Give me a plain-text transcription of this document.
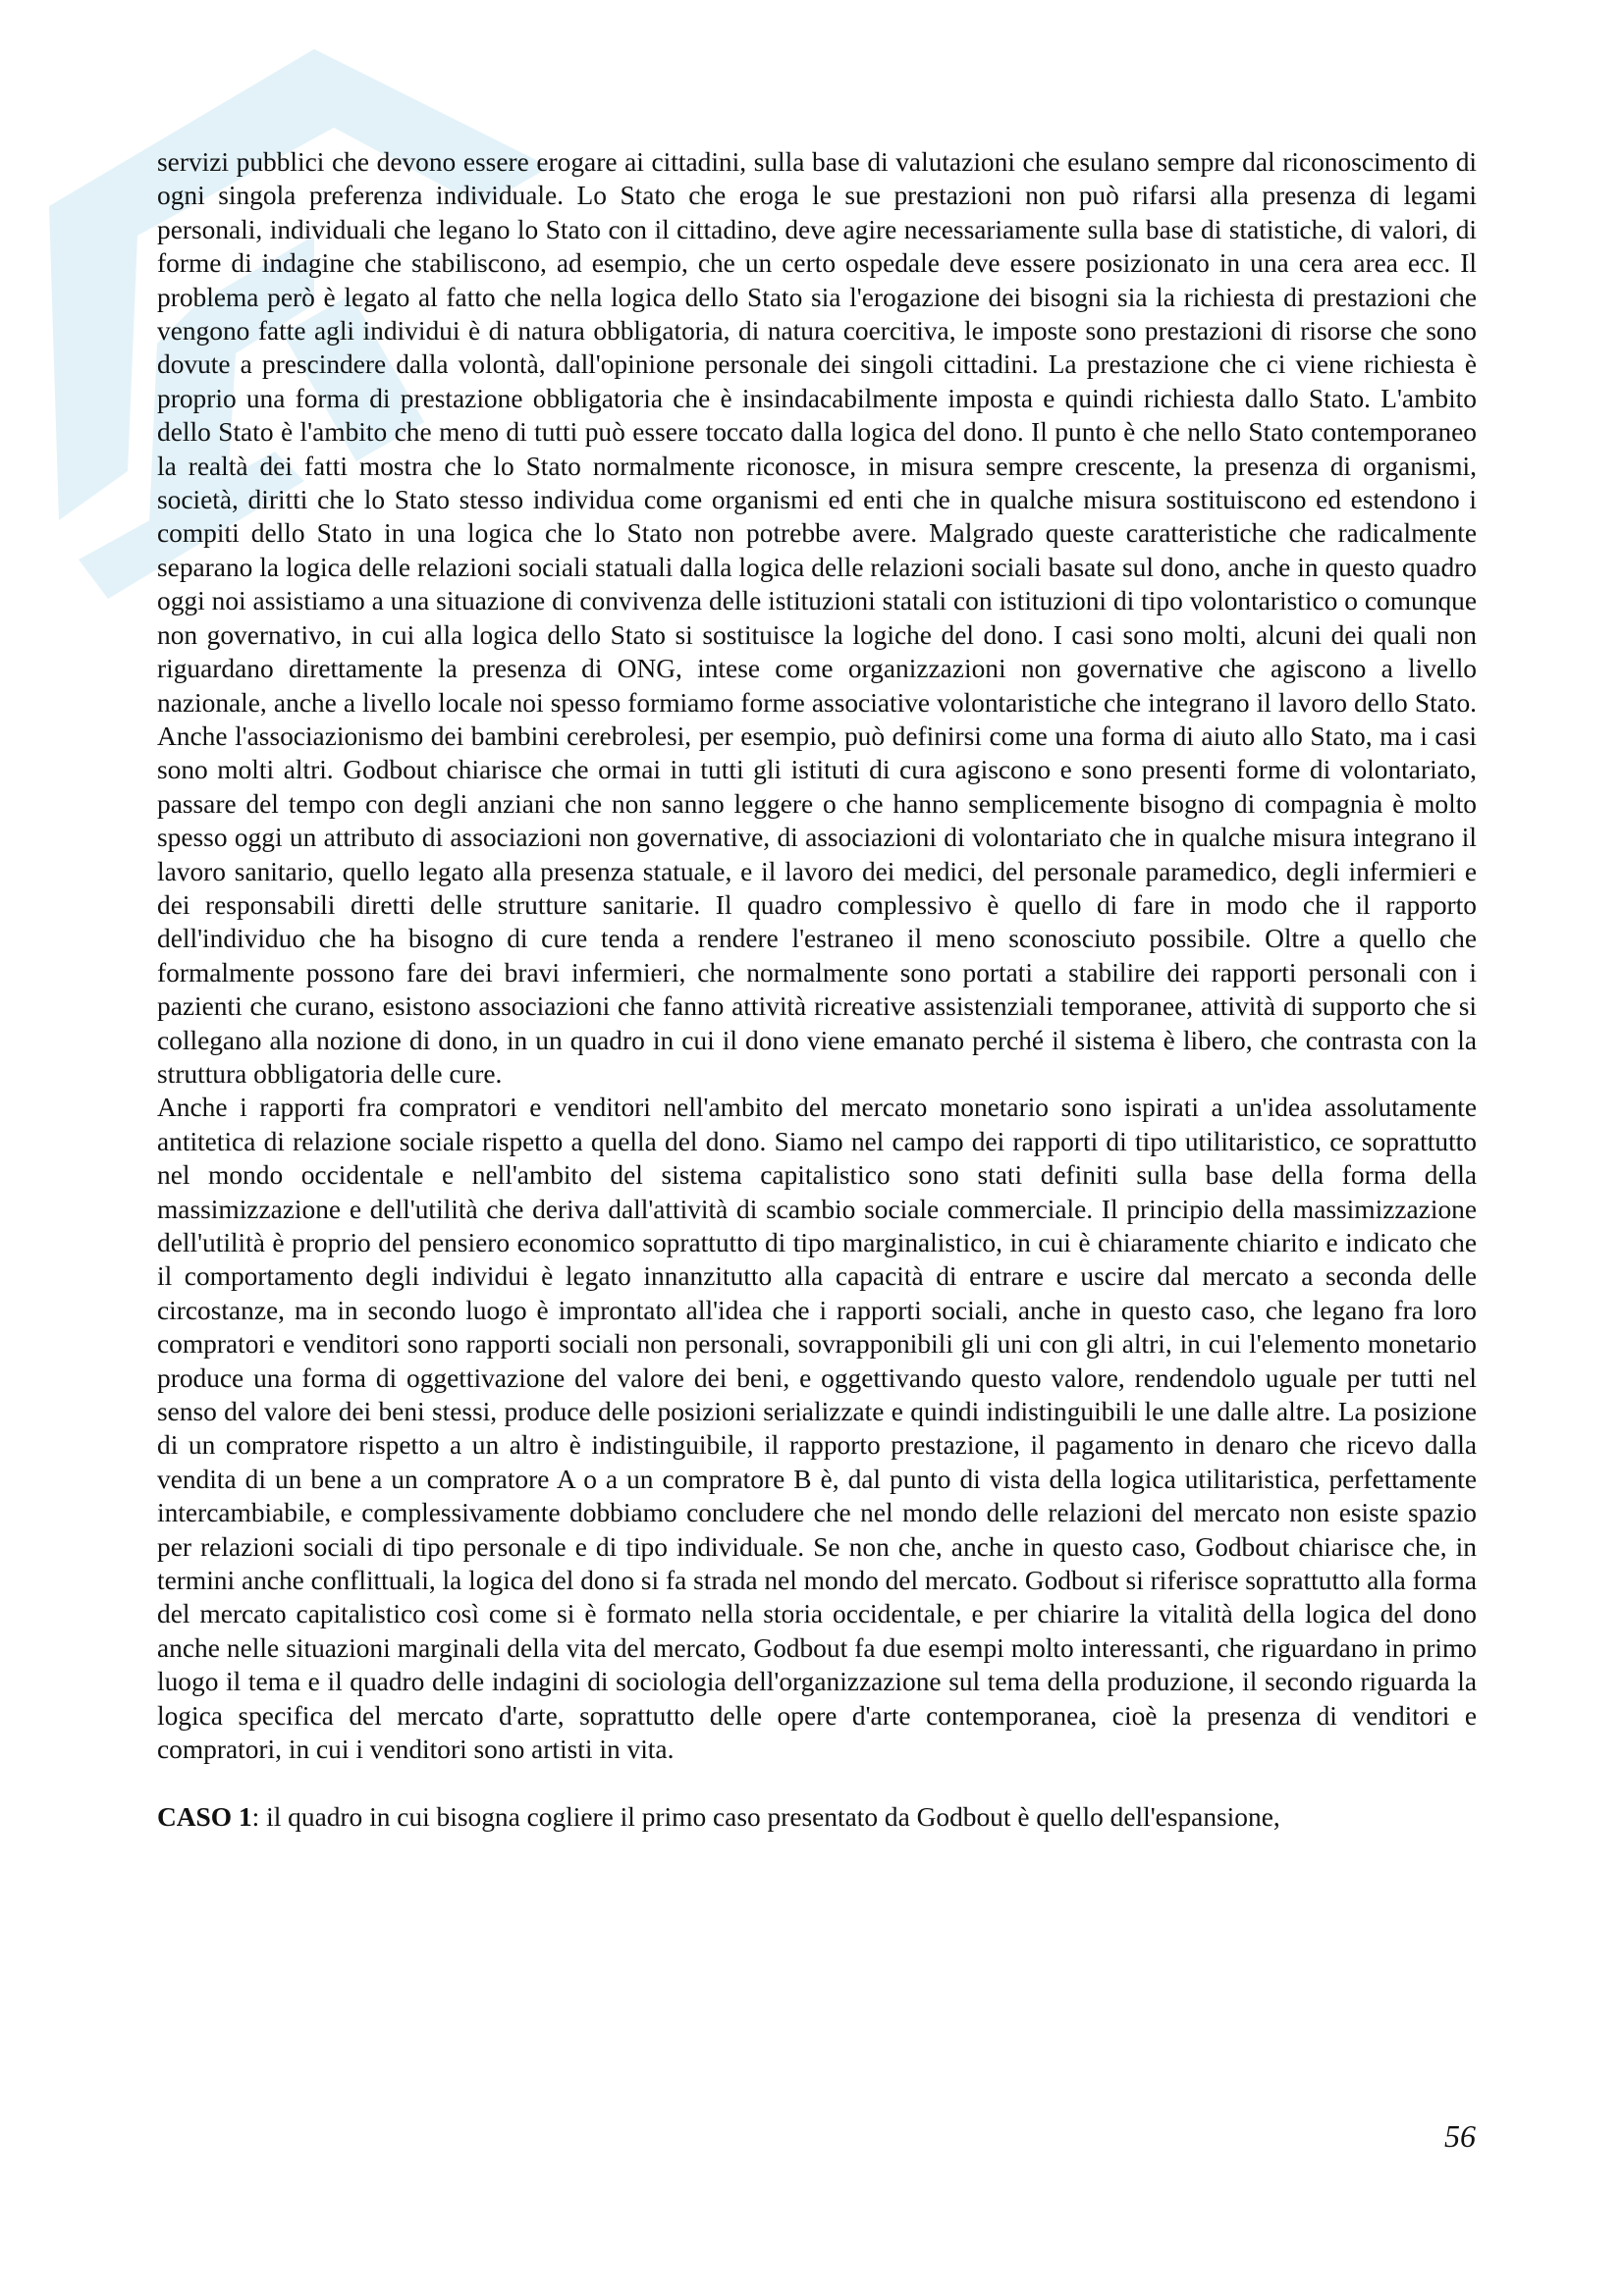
servizi pubblici che devono essere erogare ai cittadini, sulla base di valutazioni che esulano sempre dal riconoscimento di ogni singola preferenza individuale. Lo Stato che eroga le sue prestazioni non può rifarsi alla presenza di legami personali, individuali che legano lo Stato con il cittadino, deve agire necessariamente sulla base di statistiche, di valori, di forme di indagine che stabiliscono, ad esempio, che un certo ospedale deve essere posizionato in una cera area ecc. Il problema però è legato al fatto che nella logica dello Stato sia l'erogazione dei bisogni sia la richiesta di prestazioni che vengono fatte agli individui è di natura obbligatoria, di natura coercitiva, le imposte sono prestazioni di risorse che sono dovute a prescindere dalla volontà, dall'opinione personale dei singoli cittadini. La prestazione che ci viene richiesta è proprio una forma di prestazione obbligatoria che è insindacabilmente imposta e quindi richiesta dallo Stato. L'ambito dello Stato è l'ambito che meno di tutti può essere toccato dalla logica del dono. Il punto è che nello Stato contemporaneo la realtà dei fatti mostra che lo Stato normalmente riconosce, in misura sempre crescente, la presenza di organismi, società, diritti che lo Stato stesso individua come organismi ed enti che in qualche misura sostituiscono ed estendono i compiti dello Stato in una logica che lo Stato non potrebbe avere. Malgrado queste caratteristiche che radicalmente separano la logica delle relazioni sociali statuali dalla logica delle relazioni sociali basate sul dono, anche in questo quadro oggi noi assistiamo a una situazione di convivenza delle istituzioni statali con istituzioni di tipo volontaristico o comunque non governativo, in cui alla logica dello Stato si sostituisce la logiche del dono. I casi sono molti, alcuni dei quali non riguardano direttamente la presenza di ONG, intese come organizzazioni non governative che agiscono a livello nazionale, anche a livello locale noi spesso formiamo forme associative volontaristiche che integrano il lavoro dello Stato. Anche l'associazionismo dei bambini cerebrolesi, per esempio, può definirsi come una forma di aiuto allo Stato, ma i casi sono molti altri. Godbout chiarisce che ormai in tutti gli istituti di cura agiscono e sono presenti forme di volontariato, passare del tempo con degli anziani che non sanno leggere o che hanno semplicemente bisogno di compagnia è molto spesso oggi un attributo di associazioni non governative, di associazioni di volontariato che in qualche misura integrano il lavoro sanitario, quello legato alla presenza statuale, e il lavoro dei medici, del personale paramedico, degli infermieri e dei responsabili diretti delle strutture sanitarie. Il quadro complessivo è quello di fare in modo che il rapporto dell'individuo che ha bisogno di cure tenda a rendere l'estraneo il meno sconosciuto possibile. Oltre a quello che formalmente possono fare dei bravi infermieri, che normalmente sono portati a stabilire dei rapporti personali con i pazienti che curano, esistono associazioni che fanno attività ricreative assistenziali temporanee, attività di supporto che si collegano alla nozione di dono, in un quadro in cui il dono viene emanato perché il sistema è libero, che contrasta con la struttura obbligatoria delle cure.

Anche i rapporti fra compratori e venditori nell'ambito del mercato monetario sono ispirati a un'idea assolutamente antitetica di relazione sociale rispetto a quella del dono. Siamo nel campo dei rapporti di tipo utilitaristico, ce soprattutto nel mondo occidentale e nell'ambito del sistema capitalistico sono stati definiti sulla base della forma della massimizzazione e dell'utilità che deriva dall'attività di scambio sociale commerciale. Il principio della massimizzazione dell'utilità è proprio del pensiero economico soprattutto di tipo marginalistico, in cui è chiaramente chiarito e indicato che il comportamento degli individui è legato innanzitutto alla capacità di entrare e uscire dal mercato a seconda delle circostanze, ma in secondo luogo è improntato all'idea che i rapporti sociali, anche in questo caso, che legano fra loro compratori e venditori sono rapporti sociali non personali, sovrapponibili gli uni con gli altri, in cui l'elemento monetario produce una forma di oggettivazione del valore dei beni, e oggettivando questo valore, rendendolo uguale per tutti nel senso del valore dei beni stessi, produce delle posizioni serializzate e quindi indistinguibili le une dalle altre. La posizione di un compratore rispetto a un altro è indistinguibile, il rapporto prestazione, il pagamento in denaro che ricevo dalla vendita di un bene a un compratore A o a un compratore B è, dal punto di vista della logica utilitaristica, perfettamente intercambiabile, e complessivamente dobbiamo concludere che nel mondo delle relazioni del mercato non esiste spazio per relazioni sociali di tipo personale e di tipo individuale. Se non che, anche in questo caso, Godbout chiarisce che, in termini anche conflittuali, la logica del dono si fa strada nel mondo del mercato. Godbout si riferisce soprattutto alla forma del mercato capitalistico così come si è formato nella storia occidentale, e per chiarire la vitalità della logica del dono anche nelle situazioni marginali della vita del mercato, Godbout fa due esempi molto interessanti, che riguardano in primo luogo il tema e il quadro delle indagini di sociologia dell'organizzazione sul tema della produzione, il secondo riguarda la logica specifica del mercato d'arte, soprattutto delle opere d'arte contemporanea, cioè la presenza di venditori e compratori, in cui i venditori sono artisti in vita.

CASO 1: il quadro in cui bisogna cogliere il primo caso presentato da Godbout è quello dell'espansione,

56
